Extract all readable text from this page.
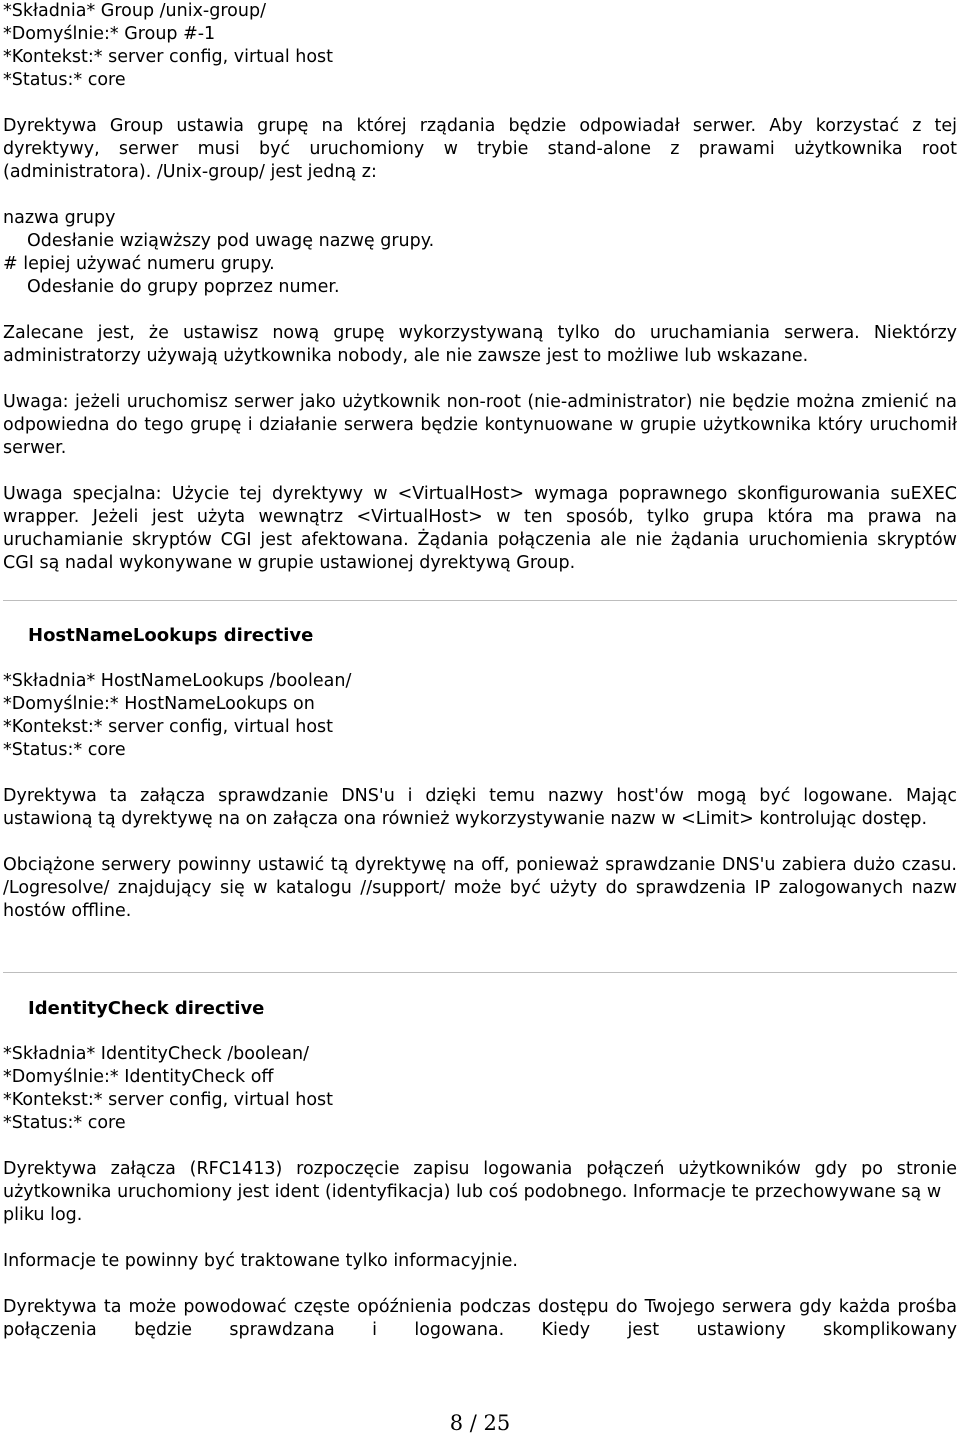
*Składnia* Group /unix-group/
*Domyślnie:* Group #-1
*Kontekst:* server config, virtual host
*Status:* core
Dyrektywa Group ustawia grupę na której rządania będzie odpowiadał serwer. Aby korzystać z tej dyrektywy, serwer musi być uruchomiony w trybie stand-alone z prawami użytkownika root (administratora). /Unix-group/ jest jedną z:
nazwa grupy
Odesłanie wziąwższy pod uwagę nazwę grupy.
# lepiej używać numeru grupy.
Odesłanie do grupy poprzez numer.
Zalecane jest, że ustawisz nową grupę wykorzystywaną tylko do uruchamiania serwera. Niektórzy administratorzy używają użytkownika nobody, ale nie zawsze jest to możliwe lub wskazane.
Uwaga: jeżeli uruchomisz serwer jako użytkownik non-root (nie-administrator) nie będzie można zmienić na odpowiedna do tego grupę i działanie serwera będzie kontynuowane w grupie użytkownika który uruchomił serwer.
Uwaga specjalna: Użycie tej dyrektywy w <VirtualHost> wymaga poprawnego skonfigurowania suEXEC wrapper. Jeżeli jest użyta wewnątrz <VirtualHost> w ten sposób, tylko grupa która ma prawa na uruchamianie skryptów CGI jest afektowana. Żądania połączenia ale nie żądania uruchomienia skryptów CGI są nadal wykonywane w grupie ustawionej dyrektywą Group.
HostNameLookups directive
*Składnia* HostNameLookups /boolean/
*Domyślnie:* HostNameLookups on
*Kontekst:* server config, virtual host
*Status:* core
Dyrektywa ta załącza sprawdzanie DNS'u i dzięki temu nazwy host'ów mogą być logowane. Mając ustawioną tą dyrektywę na on załącza ona również wykorzystywanie nazw w <Limit> kontrolując dostęp.
Obciążone serwery powinny ustawić tą dyrektywę na off, ponieważ sprawdzanie DNS'u zabiera dużo czasu. /Logresolve/ znajdujący się w katalogu //support/ może być użyty do sprawdzenia IP zalogowanych nazw hostów offline.
IdentityCheck directive
*Składnia* IdentityCheck /boolean/
*Domyślnie:* IdentityCheck off
*Kontekst:* server config, virtual host
*Status:* core
Dyrektywa załącza (RFC1413) rozpoczęcie zapisu logowania połączeń użytkowników gdy po stronie użytkownika uruchomiony jest ident (identyfikacja) lub coś podobnego. Informacje te przechowywane są w
pliku log.
Informacje te powinny być traktowane tylko informacyjnie.
Dyrektywa ta może powodować częste opóźnienia podczas dostępu do Twojego serwera gdy każda prośba połączenia będzie sprawdzana i logowana. Kiedy jest ustawiony skomplikowany
8 / 25
